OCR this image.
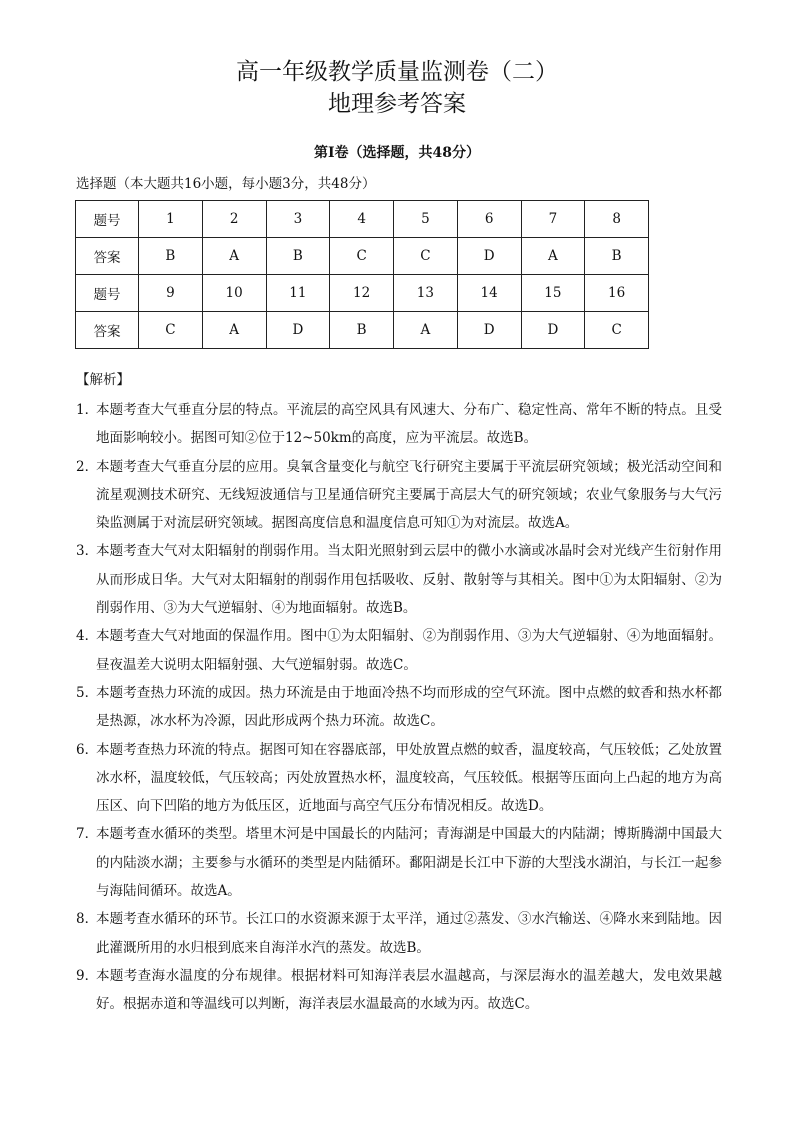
高一年级教学质量监测卷（二）
地理参考答案
第Ⅰ卷（选择题，共48分）
选择题（本大题共16小题，每小题3分，共48分）
题号	1	2	3	4	5	6	7	8
答案	B	A	B	C	C	D	A	B
题号	9	10	11	12	13	14	15	16
答案	C	A	D	B	A	D	D	C
【解析】
1．
本题考查大气垂直分层的特点。平流层的高空风具有风速大、分布广、稳定性高、常年不断的特点。且受地面影响较小。据图可知②位于12~50km的高度，应为平流层。故选B。
2．
本题考查大气垂直分层的应用。臭氧含量变化与航空飞行研究主要属于平流层研究领域；极光活动空间和流星观测技术研究、无线短波通信与卫星通信研究主要属于高层大气的研究领域；农业气象服务与大气污染监测属于对流层研究领域。据图高度信息和温度信息可知①为对流层。故选A。
3．
本题考查大气对太阳辐射的削弱作用。当太阳光照射到云层中的微小水滴或冰晶时会对光线产生衍射作用从而形成日华。大气对太阳辐射的削弱作用包括吸收、反射、散射等与其相关。图中①为太阳辐射、②为削弱作用、③为大气逆辐射、④为地面辐射。故选B。
4．
本题考查大气对地面的保温作用。图中①为太阳辐射、②为削弱作用、③为大气逆辐射、④为地面辐射。昼夜温差大说明太阳辐射强、大气逆辐射弱。故选C。
5．
本题考查热力环流的成因。热力环流是由于地面冷热不均而形成的空气环流。图中点燃的蚊香和热水杯都是热源，冰水杯为冷源，因此形成两个热力环流。故选C。
6．
本题考查热力环流的特点。据图可知在容器底部，甲处放置点燃的蚊香，温度较高，气压较低；乙处放置冰水杯，温度较低，气压较高；丙处放置热水杯，温度较高，气压较低。根据等压面向上凸起的地方为高压区、向下凹陷的地方为低压区，近地面与高空气压分布情况相反。故选D。
7．
本题考查水循环的类型。塔里木河是中国最长的内陆河；青海湖是中国最大的内陆湖；博斯腾湖中国最大的内陆淡水湖；主要参与水循环的类型是内陆循环。鄱阳湖是长江中下游的大型浅水湖泊，与长江一起参与海陆间循环。故选A。
8．
本题考查水循环的环节。长江口的水资源来源于太平洋，通过②蒸发、③水汽输送、④降水来到陆地。因此灌溉所用的水归根到底来自海洋水汽的蒸发。故选B。
9．
本题考查海水温度的分布规律。根据材料可知海洋表层水温越高，与深层海水的温差越大，发电效果越好。根据赤道和等温线可以判断，海洋表层水温最高的水域为丙。故选C。
